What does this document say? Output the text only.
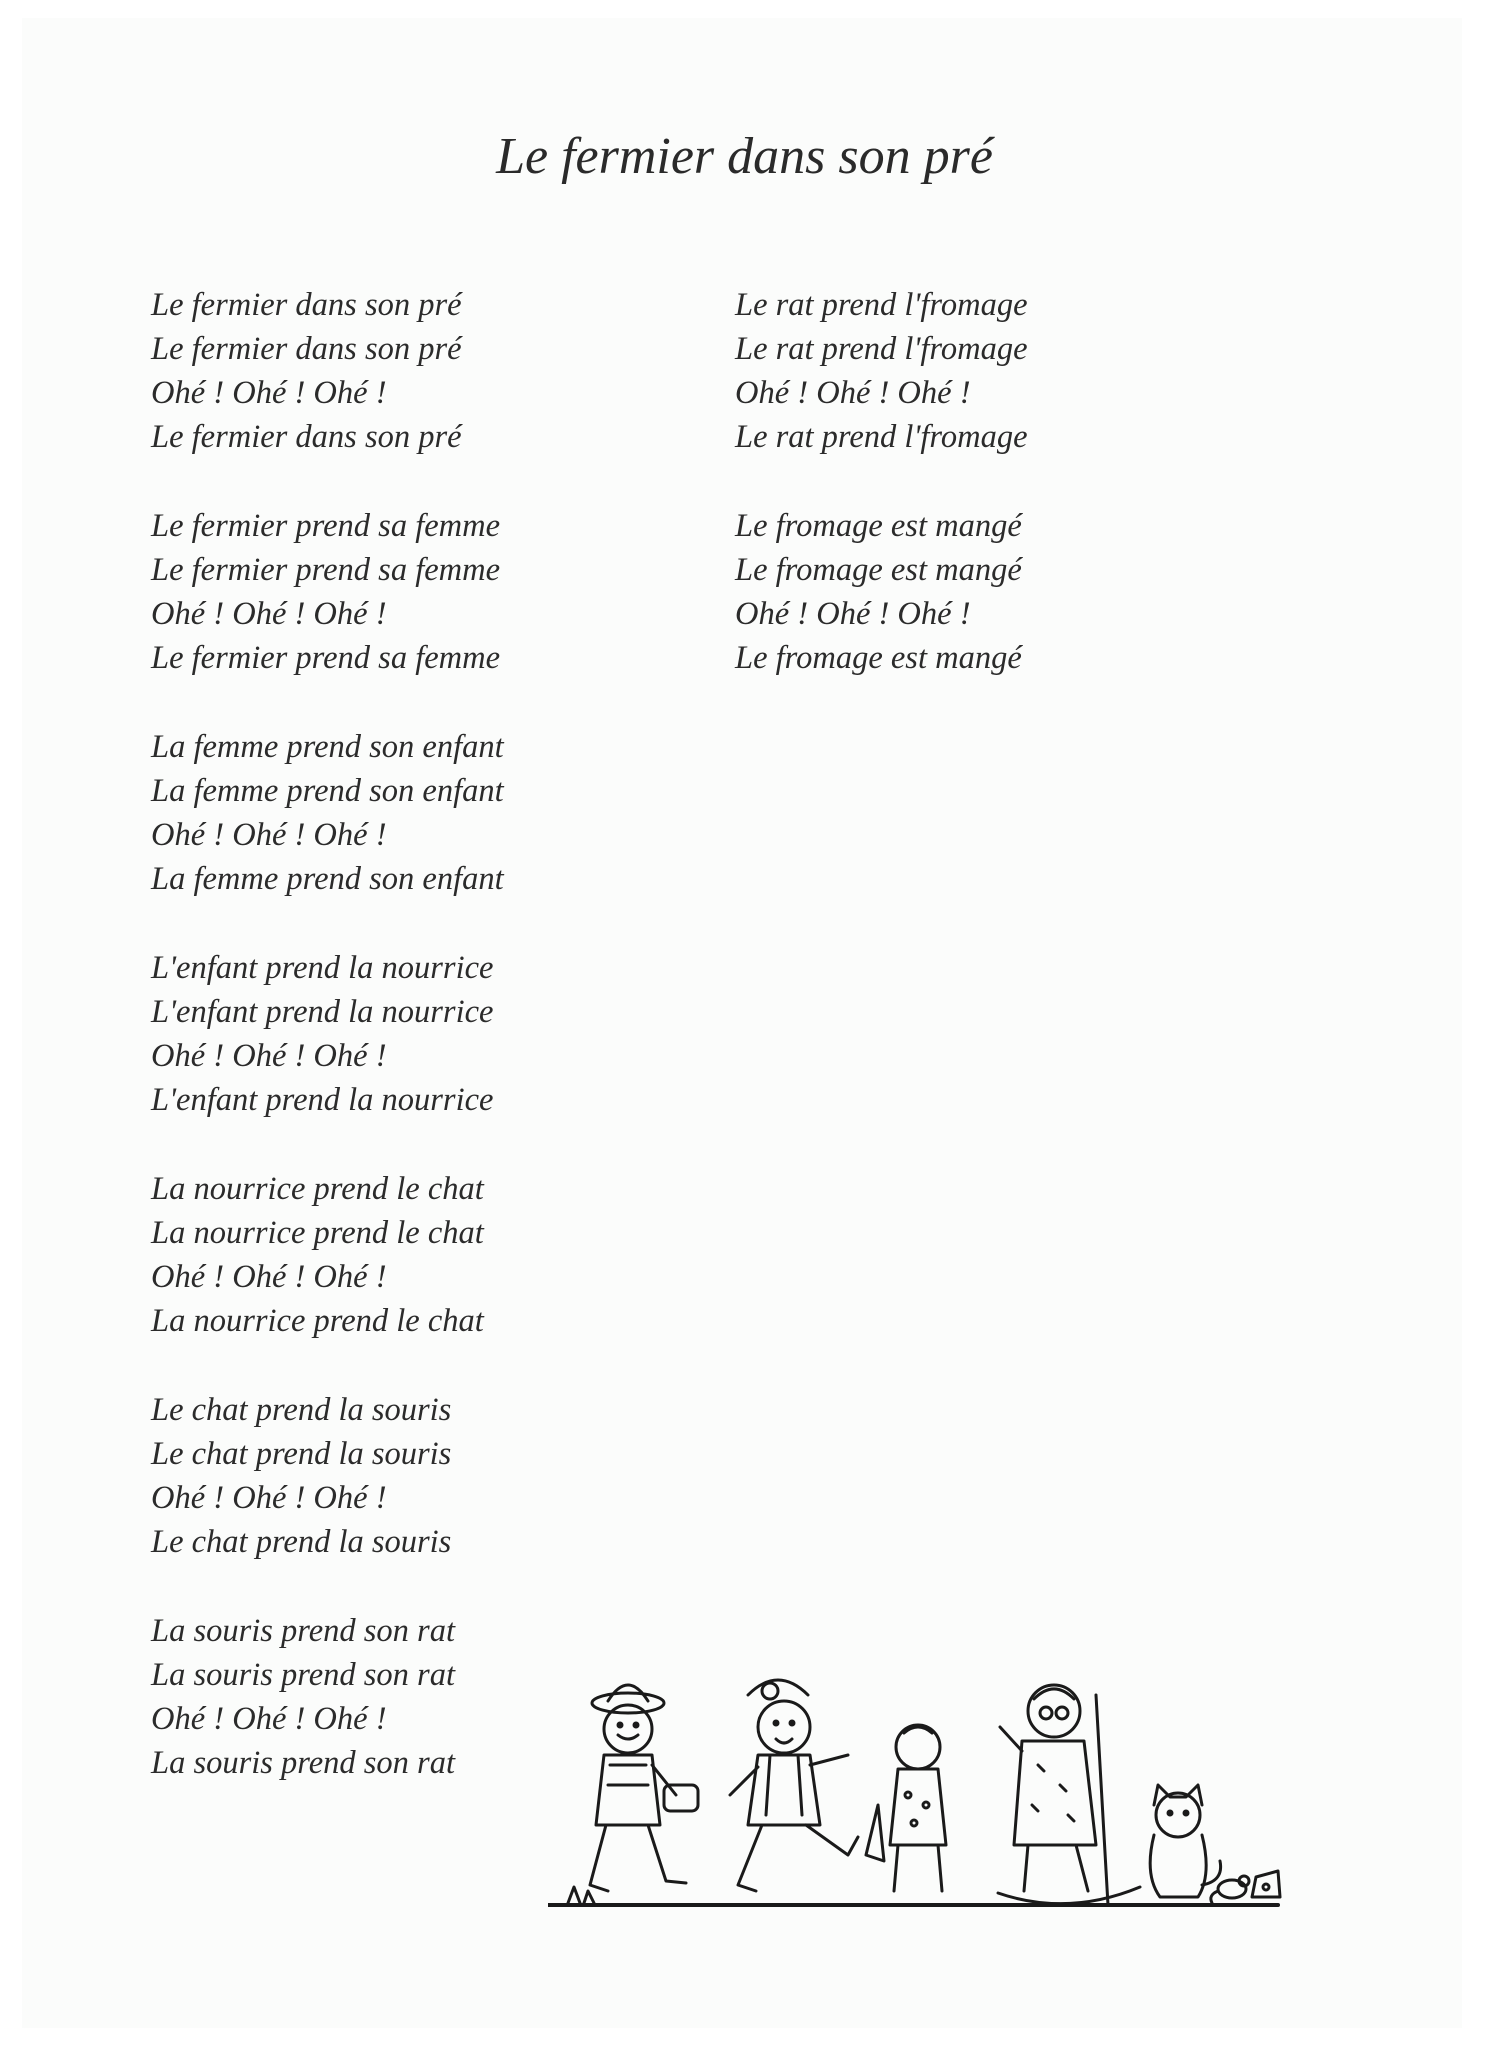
Le fermier dans son pré
Le fermier dans son pré
Le fermier dans son pré
Ohé ! Ohé ! Ohé !
Le fermier dans son pré
Le fermier prend sa femme
Le fermier prend sa femme
Ohé ! Ohé ! Ohé !
Le fermier prend sa femme
La femme prend son enfant
La femme prend son enfant
Ohé ! Ohé ! Ohé !
La femme prend son enfant
L'enfant prend la nourrice
L'enfant prend la nourrice
Ohé ! Ohé ! Ohé !
L'enfant prend la nourrice
La nourrice prend le chat
La nourrice prend le chat
Ohé ! Ohé ! Ohé !
La nourrice prend le chat
Le chat prend la souris
Le chat prend la souris
Ohé ! Ohé ! Ohé !
Le chat prend la souris
La souris prend son rat
La souris prend son rat
Ohé ! Ohé ! Ohé !
La souris prend son rat
Le rat prend l'fromage
Le rat prend l'fromage
Ohé ! Ohé ! Ohé !
Le rat prend l'fromage
Le fromage est mangé
Le fromage est mangé
Ohé ! Ohé ! Ohé !
Le fromage est mangé
